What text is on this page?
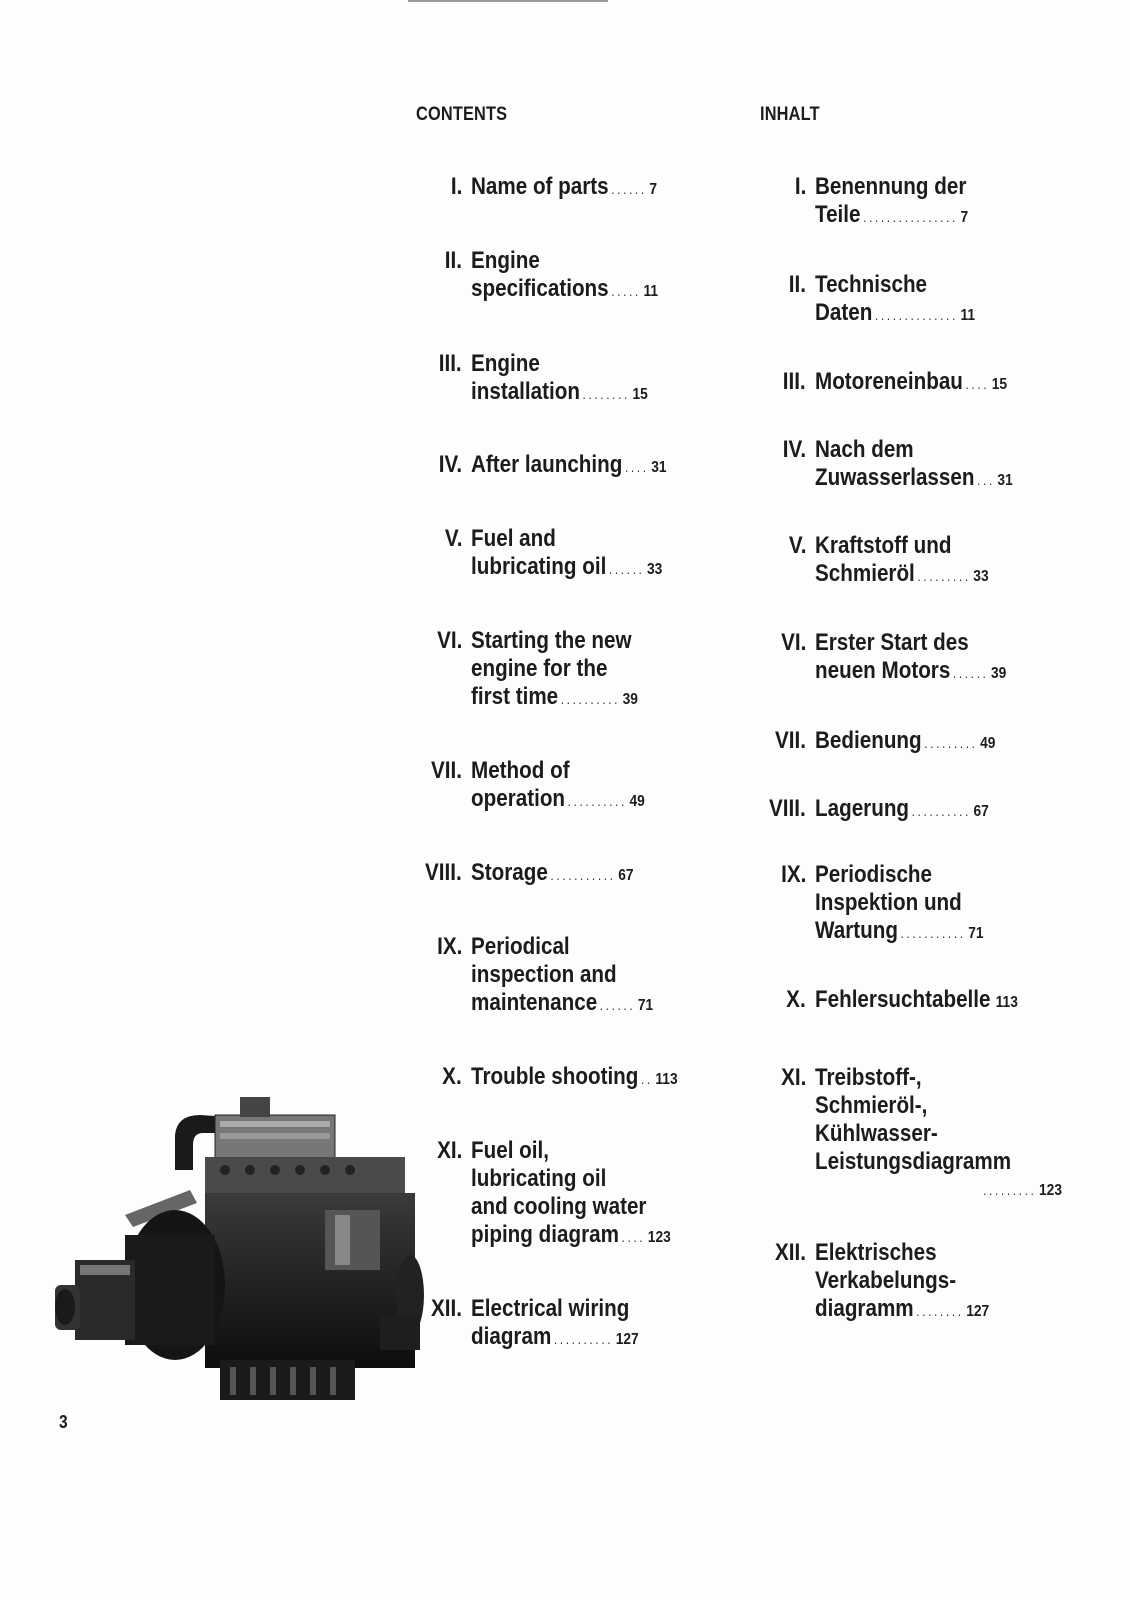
CONTENTS	INHALT
I. Name of parts ...... 7
II. Engine
specifications ..... 11
III. Engine
installation ........ 15
IV. After launching .... 31
V. Fuel and
lubricating oil ...... 33
VI. Starting the new
engine for the
first time .......... 39
VII. Method of
operation .......... 49
VIII. Storage ........... 67
IX. Periodical
inspection and
maintenance ...... 71
X. Trouble shooting .. 113
XI. Fuel oil,
lubricating oil
and cooling water
piping diagram .... 123
XII. Electrical wiring
diagram .......... 127
I. Benennung der
Teile ................ 7
II. Technische
Daten .............. 11
III. Motoreneinbau .... 15
IV. Nach dem
Zuwasserlassen ... 31
V. Kraftstoff und
Schmieröl ......... 33
VI. Erster Start des
neuen Motors ...... 39
VII. Bedienung ......... 49
VIII. Lagerung .......... 67
IX. Periodische
Inspektion und
Wartung ........... 71
X. Fehlersuchtabelle 113
XI. Treibstoff-,
Schmieröl-,
Kühlwasser-
Leistungsdiagramm
......... 123
XII. Elektrisches
Verkabelungs-
diagramm ........ 127
3
